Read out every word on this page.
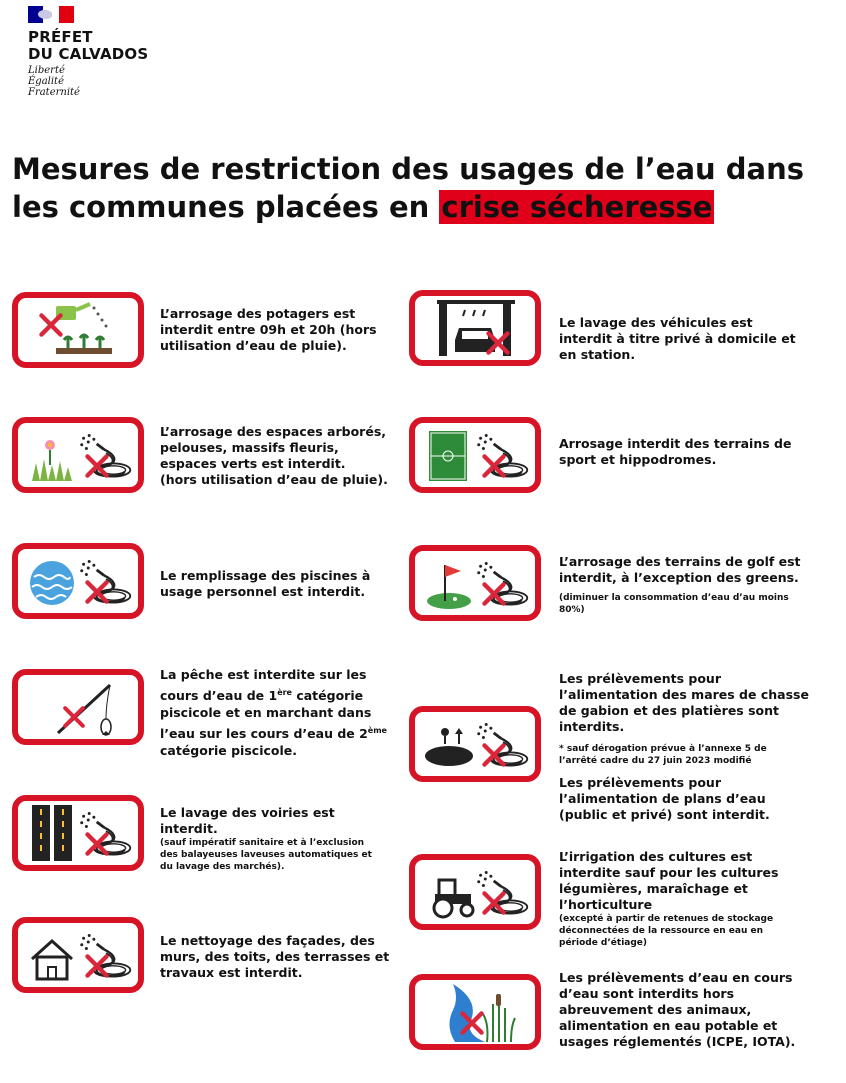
PRÉFET
DU CALVADOS
Liberté
Égalité
Fraternité
Mesures de restriction des usages de l’eau dans les communes placées en crise sécheresse

L’arrosage des potagers est interdit entre 09h et 20h (hors utilisation d’eau de pluie).

L’arrosage des espaces arborés, pelouses, massifs fleuris, espaces verts est interdit.

(hors utilisation d’eau de pluie).

Le remplissage des piscines à usage personnel est interdit.

La pêche est interdite sur les cours d’eau de 1ère catégorie piscicole et en marchant dans l’eau sur les cours d’eau de 2ème catégorie piscicole.

Le lavage des voiries est interdit.

(sauf impératif sanitaire et à l’exclusion des balayeuses laveuses automatiques et du lavage des marchés).

Le nettoyage des façades, des murs, des toits, des terrasses et travaux est interdit.

Le lavage des véhicules est interdit à titre privé à domicile et en station.

Arrosage interdit des terrains de sport et hippodromes.

L’arrosage des terrains de golf est interdit, à l’exception des greens.

(diminuer la consommation d’eau d’au moins 80%)

Les prélèvements pour l’alimentation des mares de chasse de gabion et des platières sont interdits.

* sauf dérogation prévue à l’annexe 5 de l’arrêté cadre du 27 juin 2023 modifié

Les prélèvements pour l’alimentation de plans d’eau (public et privé) sont interdit.

L’irrigation des cultures est interdite sauf pour les cultures légumières, maraîchage et l’horticulture

(excepté à partir de retenues de stockage déconnectées de la ressource en eau en période d’étiage)

Les prélèvements d’eau en cours d’eau sont interdits hors abreuvement des animaux, alimentation en eau potable et usages réglementés (ICPE, IOTA).
